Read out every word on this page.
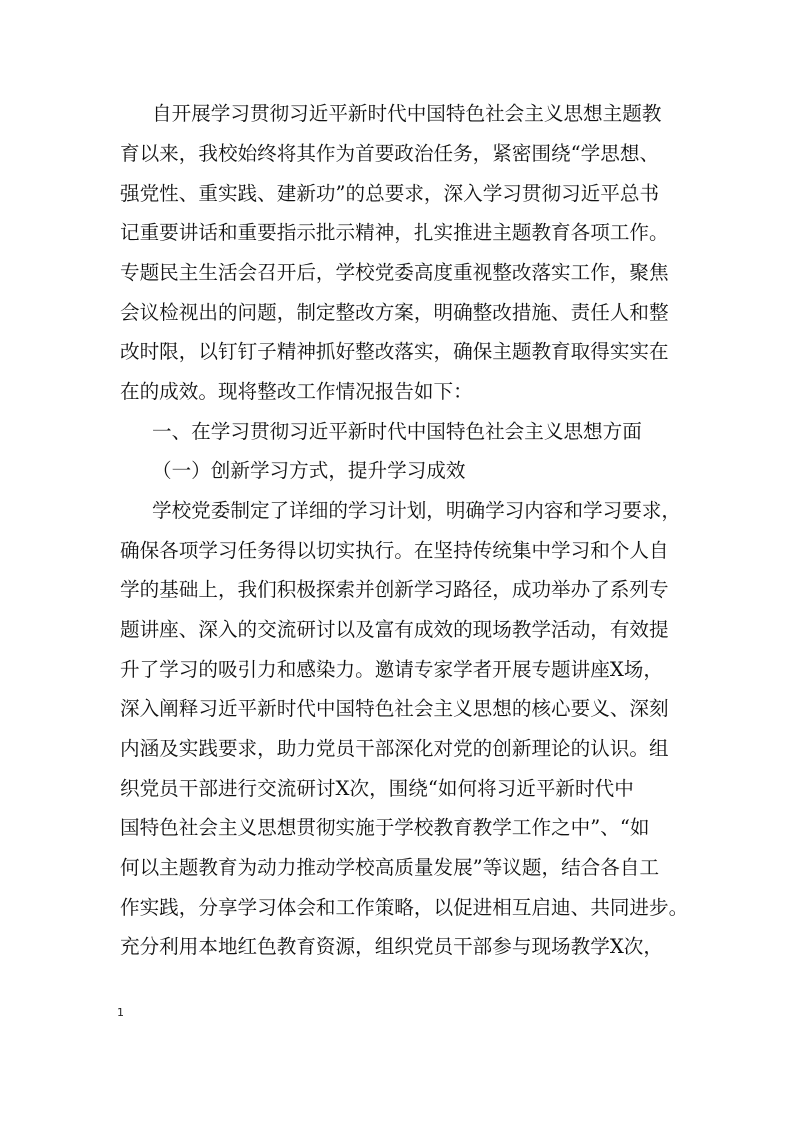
自开展学习贯彻习近平新时代中国特色社会主义思想主题教
育以来，我校始终将其作为首要政治任务，紧密围绕“学思想、
强党性、重实践、建新功”的总要求，深入学习贯彻习近平总书
记重要讲话和重要指示批示精神，扎实推进主题教育各项工作。
专题民主生活会召开后，学校党委高度重视整改落实工作，聚焦
会议检视出的问题，制定整改方案，明确整改措施、责任人和整
改时限，以钉钉子精神抓好整改落实，确保主题教育取得实实在
在的成效。现将整改工作情况报告如下：
一、在学习贯彻习近平新时代中国特色社会主义思想方面
（一）创新学习方式，提升学习成效
学校党委制定了详细的学习计划，明确学习内容和学习要求，
确保各项学习任务得以切实执行。在坚持传统集中学习和个人自
学的基础上，我们积极探索并创新学习路径，成功举办了系列专
题讲座、深入的交流研讨以及富有成效的现场教学活动，有效提
升了学习的吸引力和感染力。邀请专家学者开展专题讲座X场，
深入阐释习近平新时代中国特色社会主义思想的核心要义、深刻
内涵及实践要求，助力党员干部深化对党的创新理论的认识。组
织党员干部进行交流研讨X次，围绕“如何将习近平新时代中
国特色社会主义思想贯彻实施于学校教育教学工作之中”、“如
何以主题教育为动力推动学校高质量发展”等议题，结合各自工
作实践，分享学习体会和工作策略，以促进相互启迪、共同进步。
充分利用本地红色教育资源，组织党员干部参与现场教学X次，
1
